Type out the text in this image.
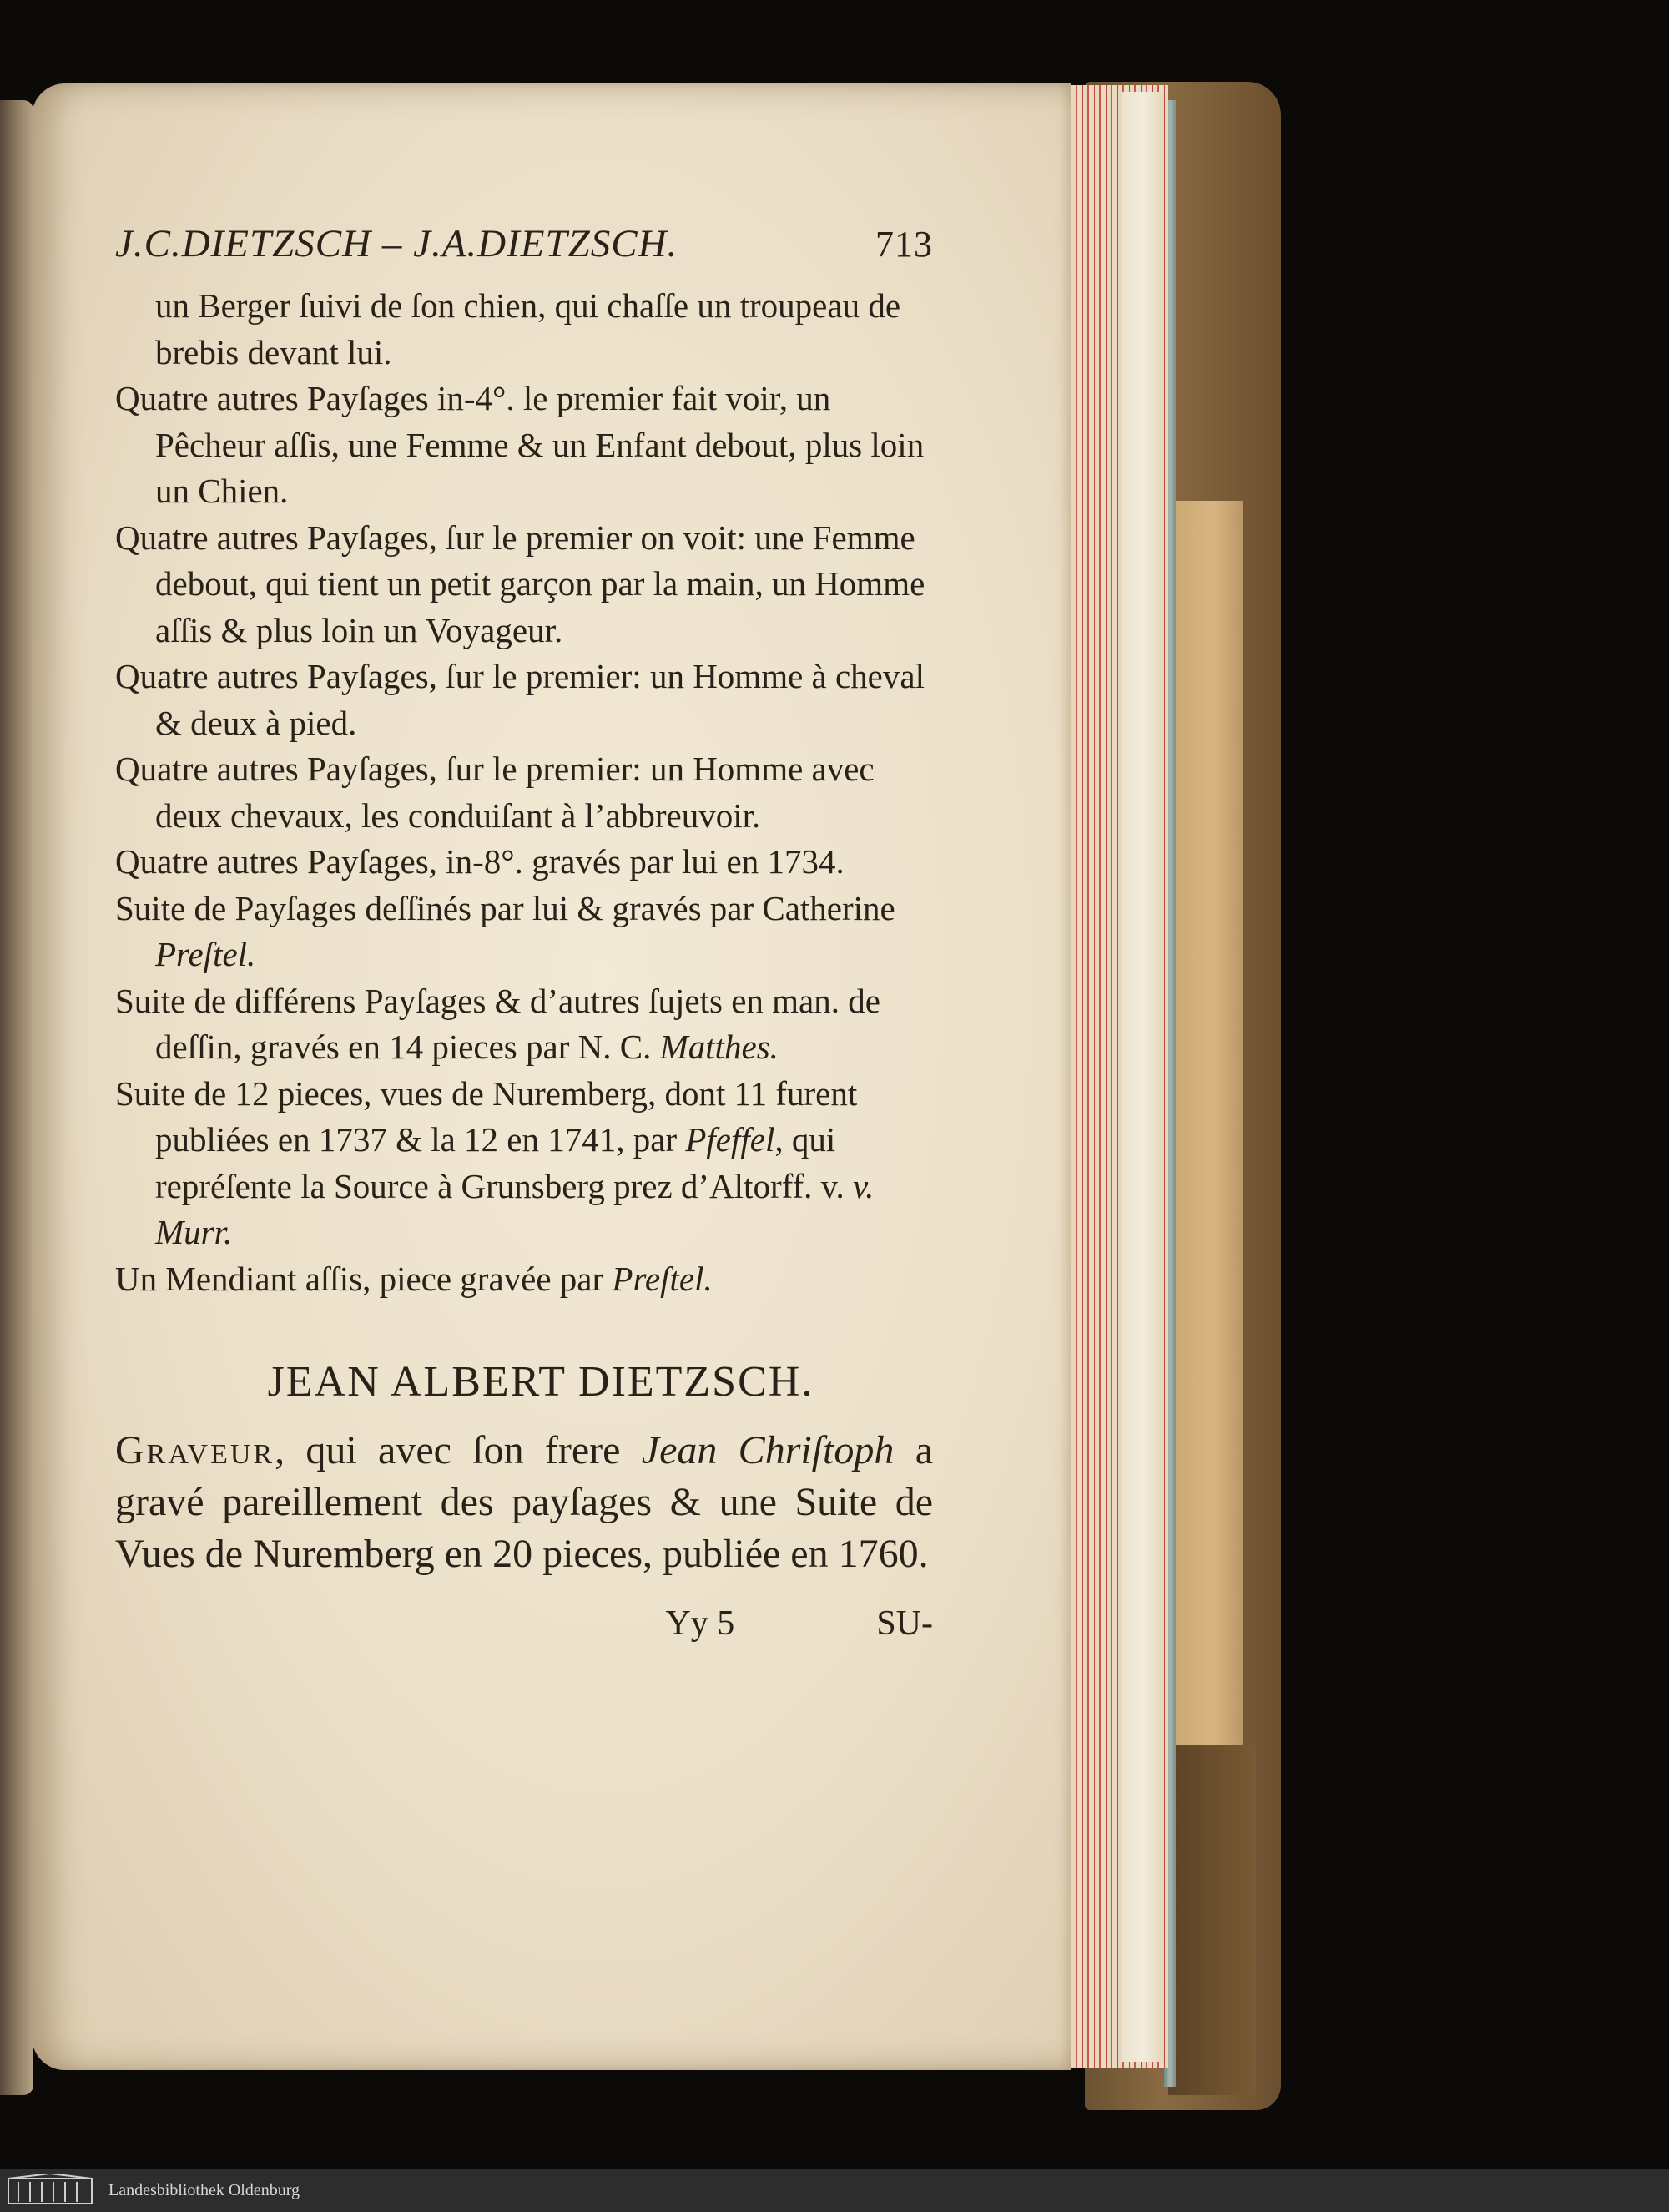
J.C.DIETZSCH – J.A.DIETZSCH.	713
un Berger ſuivi de ſon chien, qui chaſſe un troupeau de brebis devant lui.
Quatre autres Payſages in-4°. le premier fait voir, un Pêcheur aſſis, une Femme & un Enfant debout, plus loin un Chien.
Quatre autres Payſages, ſur le premier on voit: une Femme debout, qui tient un petit garçon par la main, un Homme aſſis & plus loin un Voyageur.
Quatre autres Payſages, ſur le premier: un Homme à cheval & deux à pied.
Quatre autres Payſages, ſur le premier: un Homme avec deux chevaux, les conduiſant à l’abbreuvoir.
Quatre autres Payſages, in-8°. gravés par lui en 1734.
Suite de Payſages deſſinés par lui & gravés par Catherine Preſtel.
Suite de différens Payſages & d’autres ſujets en man. de deſſin, gravés en 14 pieces par N. C. Matthes.
Suite de 12 pieces, vues de Nuremberg, dont 11 furent publiées en 1737 & la 12 en 1741, par Pfeffel, qui repréſente la Source à Grunsberg prez d’Altorff. v. v. Murr.
Un Mendiant aſſis, piece gravée par Preſtel.
JEAN ALBERT DIETZSCH.

Graveur, qui avec ſon frere Jean Chriſtoph a gravé pareillement des payſages & une Suite de Vues de Nuremberg en 20 pieces, publiée en 1760.

Yy 5	SU-
Landesbibliothek Oldenburg
